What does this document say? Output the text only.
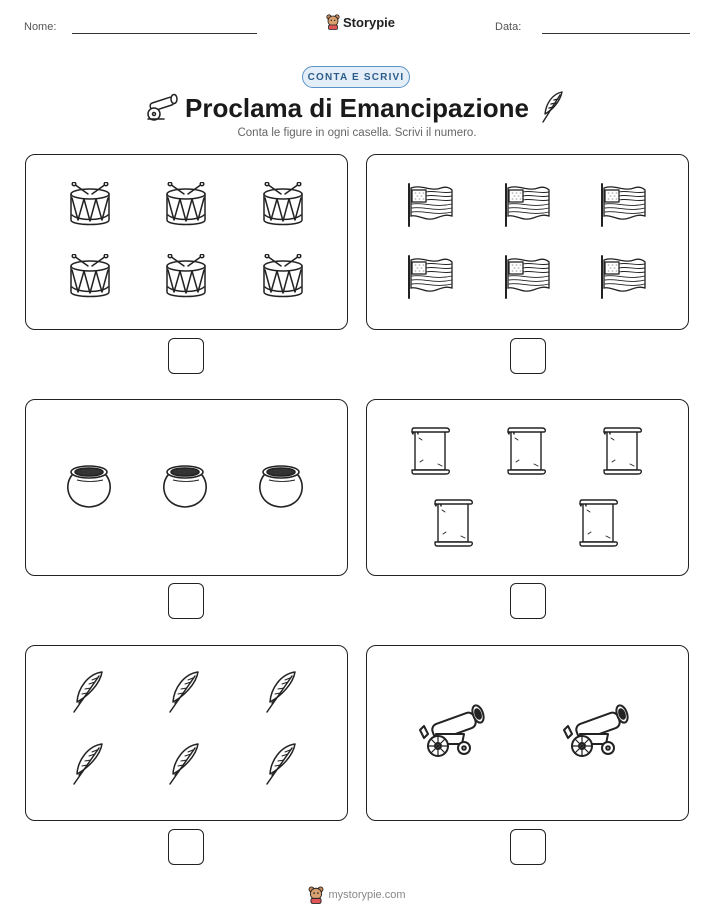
Nome:	Storypie	Data:
CONTA E SCRIVI
Proclama di Emancipazione
Conta le figure in ogni casella. Scrivi il numero.
mystorypie.com
